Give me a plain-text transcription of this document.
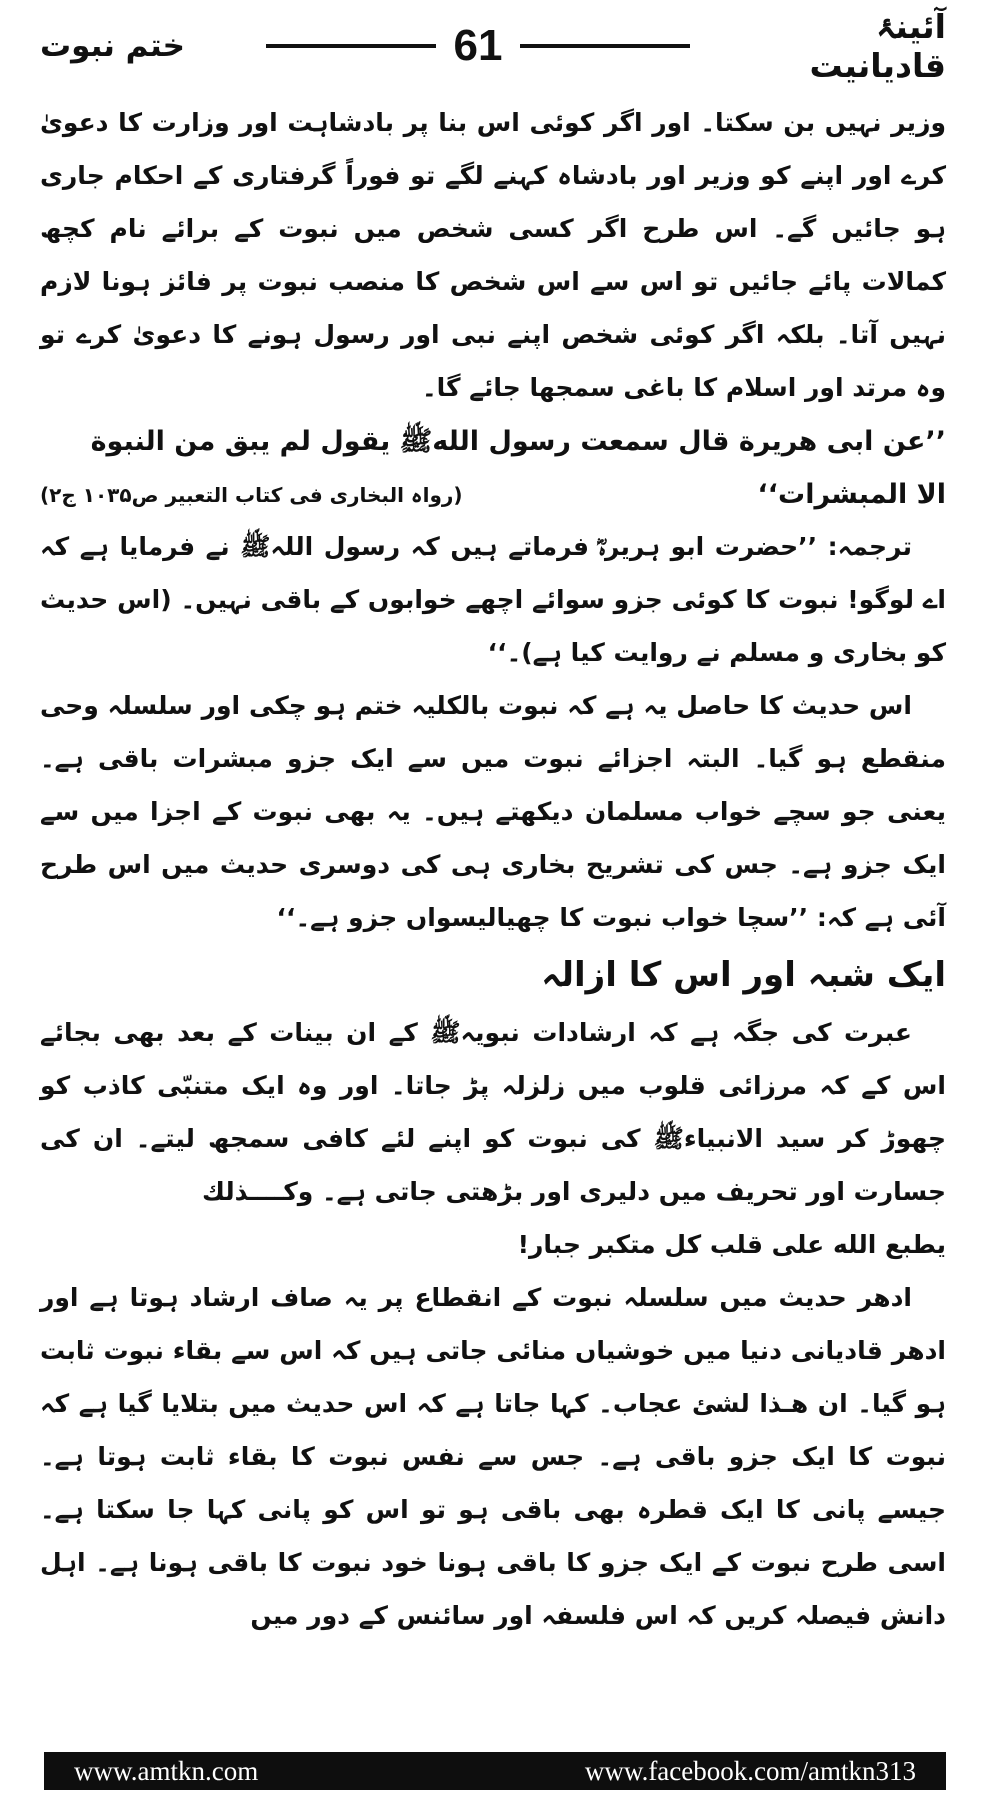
ختم نبوت	61	آئینۂ قادیانیت

وزیر نہیں بن سکتا۔ اور اگر کوئی اس بنا پر بادشاہت اور وزارت کا دعویٰ کرے اور اپنے کو وزیر اور بادشاہ کہنے لگے تو فوراً گرفتاری کے احکام جاری ہو جائیں گے۔ اس طرح اگر کسی شخص میں نبوت کے برائے نام کچھ کمالات پائے جائیں تو اس سے اس شخص کا منصب نبوت پر فائز ہونا لازم نہیں آتا۔ بلکہ اگر کوئی شخص اپنے نبی اور رسول ہونے کا دعویٰ کرے تو وہ مرتد اور اسلام کا باغی سمجھا جائے گا۔

’’عن ابی هريرة قال سمعت رسول اللهﷺ يقول لم يبق من النبوة

الا المبشرات‘‘
(رواہ البخاری فی کتاب التعبیر ص۱۰۳۵ ج۲)

ترجمہ: ’’حضرت ابو ہریرہؓ فرماتے ہیں کہ رسول اللہﷺ نے فرمایا ہے کہ اے لوگو! نبوت کا کوئی جزو سوائے اچھے خوابوں کے باقی نہیں۔ (اس حدیث کو بخاری و مسلم نے روایت کیا ہے)۔‘‘

اس حدیث کا حاصل یہ ہے کہ نبوت بالکلیہ ختم ہو چکی اور سلسلہ وحی منقطع ہو گیا۔ البتہ اجزائے نبوت میں سے ایک جزو مبشرات باقی ہے۔ یعنی جو سچے خواب مسلمان دیکھتے ہیں۔ یہ بھی نبوت کے اجزا میں سے ایک جزو ہے۔ جس کی تشریح بخاری ہی کی دوسری حدیث میں اس طرح آئی ہے کہ: ’’سچا خواب نبوت کا چھیالیسواں جزو ہے۔‘‘

ایک شبہ اور اس کا ازالہ

عبرت کی جگہ ہے کہ ارشادات نبویہﷺ کے ان بینات کے بعد بھی بجائے اس کے کہ مرزائی قلوب میں زلزلہ پڑ جاتا۔ اور وہ ایک متنبّی کاذب کو چھوڑ کر سید الانبیاءﷺ کی نبوت کو اپنے لئے کافی سمجھ لیتے۔ ان کی جسارت اور تحریف میں دلیری اور بڑھتی جاتی ہے۔ وکــــذلك

يطبع الله على قلب كل متكبر جبار!

ادھر حدیث میں سلسلہ نبوت کے انقطاع پر یہ صاف ارشاد ہوتا ہے اور ادھر قادیانی دنیا میں خوشیاں منائی جاتی ہیں کہ اس سے بقاء نبوت ثابت ہو گیا۔ ان هـذا لشئ عجاب۔ کہا جاتا ہے کہ اس حدیث میں بتلایا گیا ہے کہ نبوت کا ایک جزو باقی ہے۔ جس سے نفس نبوت کا بقاء ثابت ہوتا ہے۔ جیسے پانی کا ایک قطرہ بھی باقی ہو تو اس کو پانی کہا جا سکتا ہے۔ اسی طرح نبوت کے ایک جزو کا باقی ہونا خود نبوت کا باقی ہونا ہے۔ اہل دانش فیصلہ کریں کہ اس فلسفہ اور سائنس کے دور میں

www.amtkn.com	www.facebook.com/amtkn313
